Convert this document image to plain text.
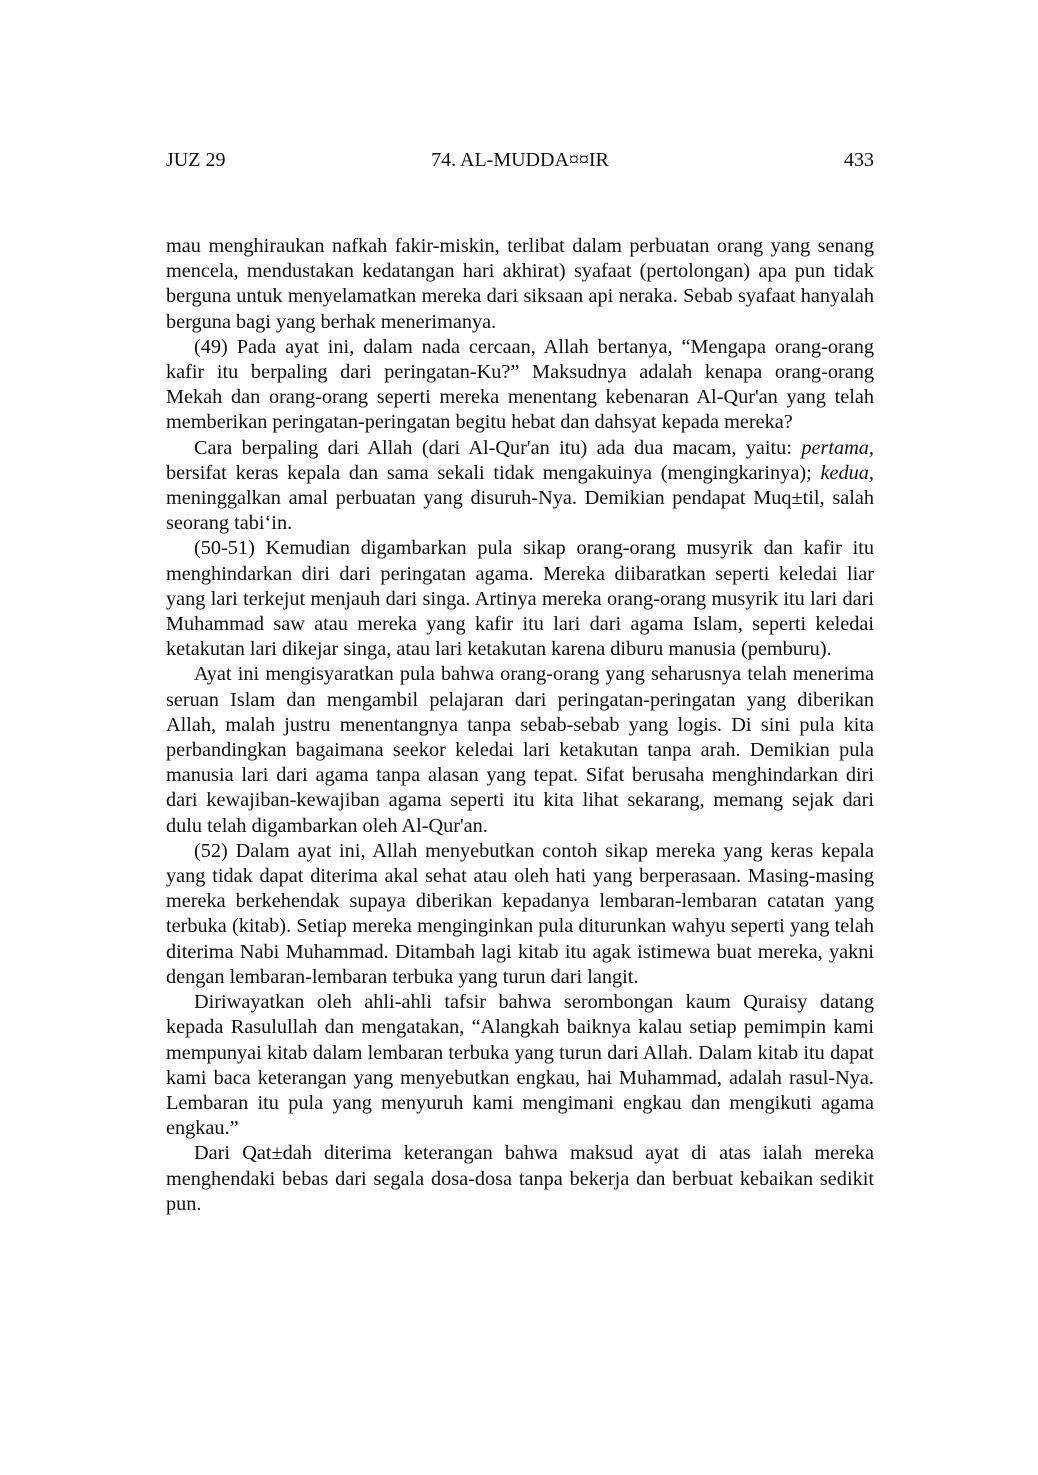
JUZ 29	74. AL-MUDDA¤¤IR	433

mau menghiraukan nafkah fakir-miskin, terlibat dalam perbuatan orang yang senang mencela, mendustakan kedatangan hari akhirat) syafaat (pertolongan) apa pun tidak berguna untuk menyelamatkan mereka dari siksaan api neraka. Sebab syafaat hanyalah berguna bagi yang berhak menerimanya.

(49) Pada ayat ini, dalam nada cercaan, Allah bertanya, “Mengapa orang-orang kafir itu berpaling dari peringatan-Ku?” Maksudnya adalah kenapa orang-orang Mekah dan orang-orang seperti mereka menentang kebenaran Al-Qur'an yang telah memberikan peringatan-peringatan begitu hebat dan dahsyat kepada mereka?

Cara berpaling dari Allah (dari Al-Qur'an itu) ada dua macam, yaitu: pertama, bersifat keras kepala dan sama sekali tidak mengakuinya (mengingkarinya); kedua, meninggalkan amal perbuatan yang disuruh-Nya. Demikian pendapat Muq±til, salah seorang tabi‘in.

(50-51) Kemudian digambarkan pula sikap orang-orang musyrik dan kafir itu menghindarkan diri dari peringatan agama. Mereka diibaratkan seperti keledai liar yang lari terkejut menjauh dari singa. Artinya mereka orang-orang musyrik itu lari dari Muhammad saw atau mereka yang kafir itu lari dari agama Islam, seperti keledai ketakutan lari dikejar singa, atau lari ketakutan karena diburu manusia (pemburu).

Ayat ini mengisyaratkan pula bahwa orang-orang yang seharusnya telah menerima seruan Islam dan mengambil pelajaran dari peringatan-peringatan yang diberikan Allah, malah justru menentangnya tanpa sebab-sebab yang logis. Di sini pula kita perbandingkan bagaimana seekor keledai lari ketakutan tanpa arah. Demikian pula manusia lari dari agama tanpa alasan yang tepat. Sifat berusaha menghindarkan diri dari kewajiban-kewajiban agama seperti itu kita lihat sekarang, memang sejak dari dulu telah digambarkan oleh Al-Qur'an.

(52) Dalam ayat ini, Allah menyebutkan contoh sikap mereka yang keras kepala yang tidak dapat diterima akal sehat atau oleh hati yang berperasaan. Masing-masing mereka berkehendak supaya diberikan kepadanya lembaran-lembaran catatan yang terbuka (kitab). Setiap mereka menginginkan pula diturunkan wahyu seperti yang telah diterima Nabi Muhammad. Ditambah lagi kitab itu agak istimewa buat mereka, yakni dengan lembaran-lembaran terbuka yang turun dari langit.

Diriwayatkan oleh ahli-ahli tafsir bahwa serombongan kaum Quraisy datang kepada Rasulullah dan mengatakan, “Alangkah baiknya kalau setiap pemimpin kami mempunyai kitab dalam lembaran terbuka yang turun dari Allah. Dalam kitab itu dapat kami baca keterangan yang menyebutkan engkau, hai Muhammad, adalah rasul-Nya. Lembaran itu pula yang menyuruh kami mengimani engkau dan mengikuti agama engkau.”

Dari Qat±dah diterima keterangan bahwa maksud ayat di atas ialah mereka menghendaki bebas dari segala dosa-dosa tanpa bekerja dan berbuat kebaikan sedikit pun.
